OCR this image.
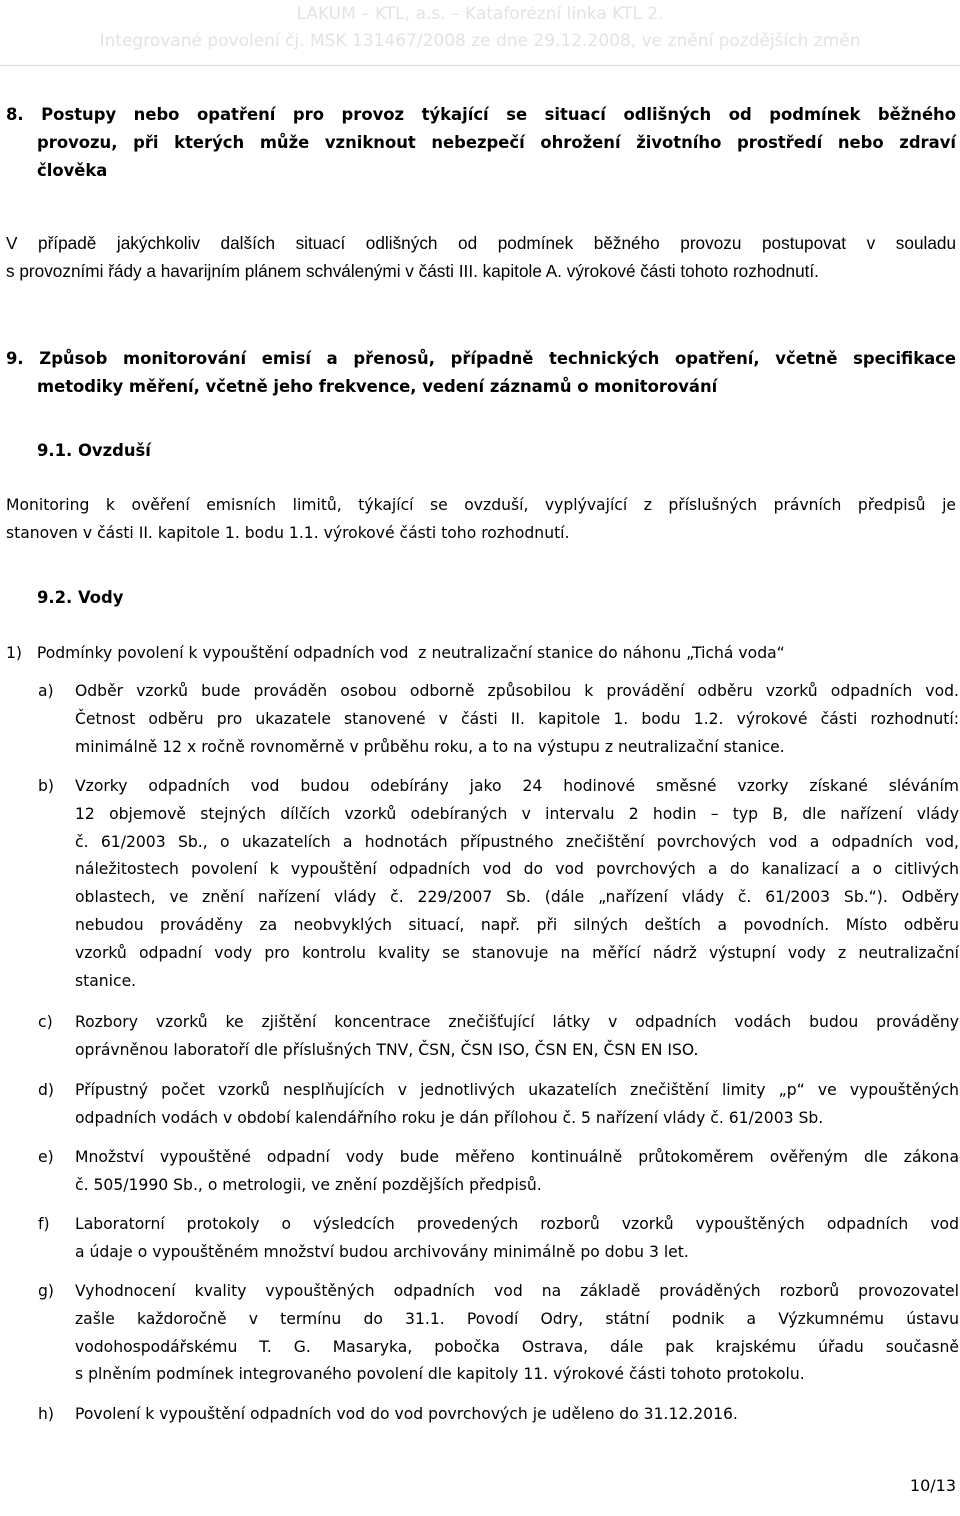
LAKUM – KTL, a.s. – Kataforézní linka KTL 2.
Integrované povolení čj. MSK 131467/2008 ze dne 29.12.2008, ve znění pozdějších změn
8. Postupy nebo opatření pro provoz týkající se situací odlišných od podmínek běžného
provozu, při kterých může vzniknout nebezpečí ohrožení životního prostředí nebo zdraví
člověka
V případě jakýchkoliv dalších situací odlišných od podmínek běžného provozu postupovat v souladu
s provozními řády a havarijním plánem schválenými v části III. kapitole A. výrokové části tohoto rozhodnutí.
9. Způsob monitorování emisí a přenosů, případně technických opatření, včetně specifikace
metodiky měření, včetně jeho frekvence, vedení záznamů o monitorování
9.1. Ovzduší
Monitoring k ověření emisních limitů, týkající se ovzduší, vyplývající z příslušných právních předpisů je
stanoven v části II. kapitole 1. bodu 1.1. výrokové části toho rozhodnutí.
9.2. Vody
1)   Podmínky povolení k vypouštění odpadních vod  z neutralizační stanice do náhonu „Tichá voda“
a)	Odběr vzorků bude prováděn osobou odborně způsobilou k provádění odběru vzorků odpadních vod.
Četnost odběru pro ukazatele stanovené v části II. kapitole 1. bodu 1.2. výrokové části rozhodnutí:
minimálně 12 x ročně rovnoměrně v průběhu roku, a to na výstupu z neutralizační stanice.
b)	Vzorky odpadních vod budou odebírány jako 24 hodinové směsné vzorky získané sléváním
12 objemově stejných dílčích vzorků odebíraných v intervalu 2 hodin – typ B, dle nařízení vlády
č. 61/2003 Sb., o ukazatelích a hodnotách přípustného znečištění povrchových vod a odpadních vod,
náležitostech povolení k vypouštění odpadních vod do vod povrchových a do kanalizací a o citlivých
oblastech, ve znění nařízení vlády č. 229/2007 Sb. (dále „nařízení vlády č. 61/2003 Sb.“). Odběry
nebudou prováděny za neobvyklých situací, např. při silných deštích a povodních. Místo odběru
vzorků odpadní vody pro kontrolu kvality se stanovuje na měřící nádrž výstupní vody z neutralizační
stanice.
c)	Rozbory vzorků ke zjištění koncentrace znečišťující látky v odpadních vodách budou prováděny
oprávněnou laboratoří dle příslušných TNV, ČSN, ČSN ISO, ČSN EN, ČSN EN ISO.
d)	Přípustný počet vzorků nesplňujících v jednotlivých ukazatelích znečištění limity „p“ ve vypouštěných
odpadních vodách v období kalendářního roku je dán přílohou č. 5 nařízení vlády č. 61/2003 Sb.
e)	Množství vypouštěné odpadní vody bude měřeno kontinuálně průtokoměrem ověřeným dle zákona
č. 505/1990 Sb., o metrologii, ve znění pozdějších předpisů.
f)	Laboratorní protokoly o výsledcích provedených rozborů vzorků vypouštěných odpadních vod
a údaje o vypouštěném množství budou archivovány minimálně po dobu 3 let.
g)	Vyhodnocení kvality vypouštěných odpadních vod na základě prováděných rozborů provozovatel
zašle každoročně v termínu do 31.1. Povodí Odry, státní podnik a Výzkumnému ústavu
vodohospodářskému T. G. Masaryka, pobočka Ostrava, dále pak krajskému úřadu současně
s plněním podmínek integrovaného povolení dle kapitoly 11. výrokové části tohoto protokolu.
h)	Povolení k vypouštění odpadních vod do vod povrchových je uděleno do 31.12.2016.
10/13
